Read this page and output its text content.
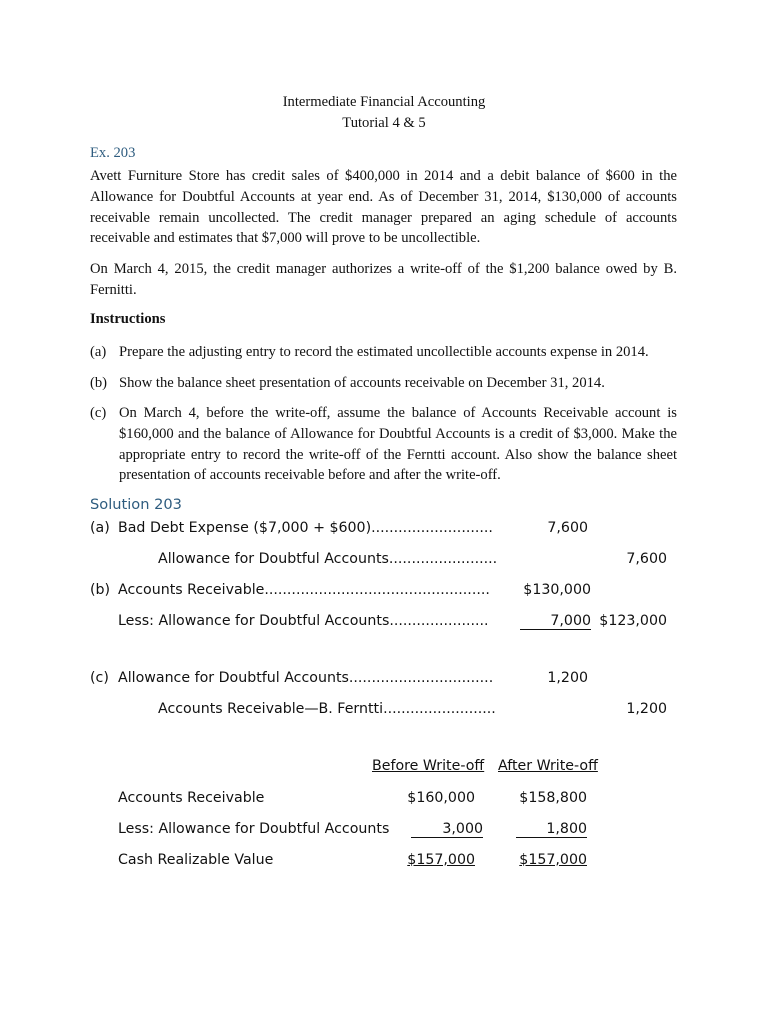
Intermediate Financial Accounting
Tutorial 4 & 5
Ex. 203
Avett Furniture Store has credit sales of $400,000 in 2014 and a debit balance of $600 in the Allowance for Doubtful Accounts at year end. As of December 31, 2014, $130,000 of accounts receivable remain uncollected. The credit manager prepared an aging schedule of accounts receivable and estimates that $7,000 will prove to be uncollectible.
On March 4, 2015, the credit manager authorizes a write-off of the $1,200 balance owed by B. Fernitti.
Instructions
(a) Prepare the adjusting entry to record the estimated uncollectible accounts expense in 2014.
(b) Show the balance sheet presentation of accounts receivable on December 31, 2014.
(c) On March 4, before the write-off, assume the balance of Accounts Receivable account is $160,000 and the balance of Allowance for Doubtful Accounts is a credit of $3,000. Make the appropriate entry to record the write-off of the Ferntti account. Also show the balance sheet presentation of accounts receivable before and after the write-off.
Solution 203
(a) Bad Debt Expense ($7,000 + $600)...........................	7,600
Allowance for Doubtful Accounts........................	7,600
(b) Accounts Receivable..................................................	$130,000
Less: Allowance for Doubtful Accounts......................	7,000 $123,000
(c) Allowance for Doubtful Accounts................................	1,200
Accounts Receivable—B. Ferntti.........................	1,200
Before Write-off After Write-off
Accounts Receivable	$160,000	$158,800
Less: Allowance for Doubtful Accounts	3,000	1,800
Cash Realizable Value	$157,000	$157,000
